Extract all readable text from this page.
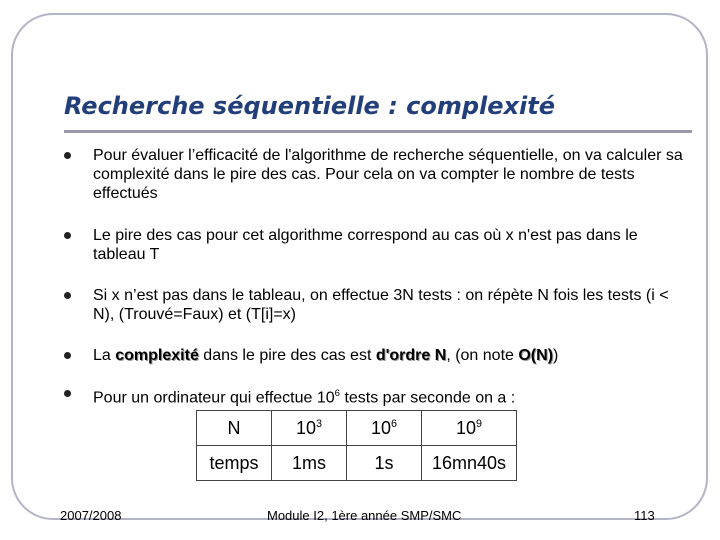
Recherche séquentielle : complexité
Pour évaluer l’efficacité de l'algorithme de recherche séquentielle, on va calculer sa complexité dans le pire des cas. Pour cela on va compter le nombre de tests effectués
Le pire des cas pour cet algorithme correspond au cas où x n'est pas dans le tableau T
Si x n’est pas dans le tableau, on effectue 3N tests : on répète N fois les tests (i < N), (Trouvé=Faux) et (T[i]=x)
La complexité dans le pire des cas est d'ordre N, (on note O(N))
Pour un ordinateur qui effectue $10^6$ tests par seconde on a :
N	$10^3$	$10^6$	$10^9$
temps	1ms	1s	16mn40s
2007/2008	Module I2, 1ère année SMP/SMC	113
